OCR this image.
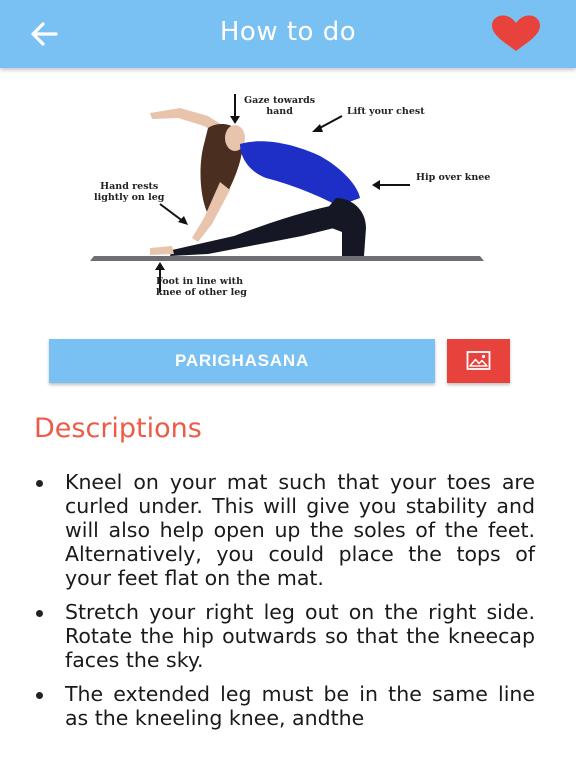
How to do
Gaze towards
hand	Lift your chest
Hip over knee
Hand rests
lightly on leg
Foot in line with
knee of other leg
PARIGHASANA
Descriptions
Kneel on your mat such that your toes are curled under. This will give you stability and will also help open up the soles of the feet. Alternatively, you could place the tops of your feet flat on the mat.
Stretch your right leg out on the right side. Rotate the hip outwards so that the kneecap faces the sky.
The extended leg must be in the same line as the kneeling knee, andthe
